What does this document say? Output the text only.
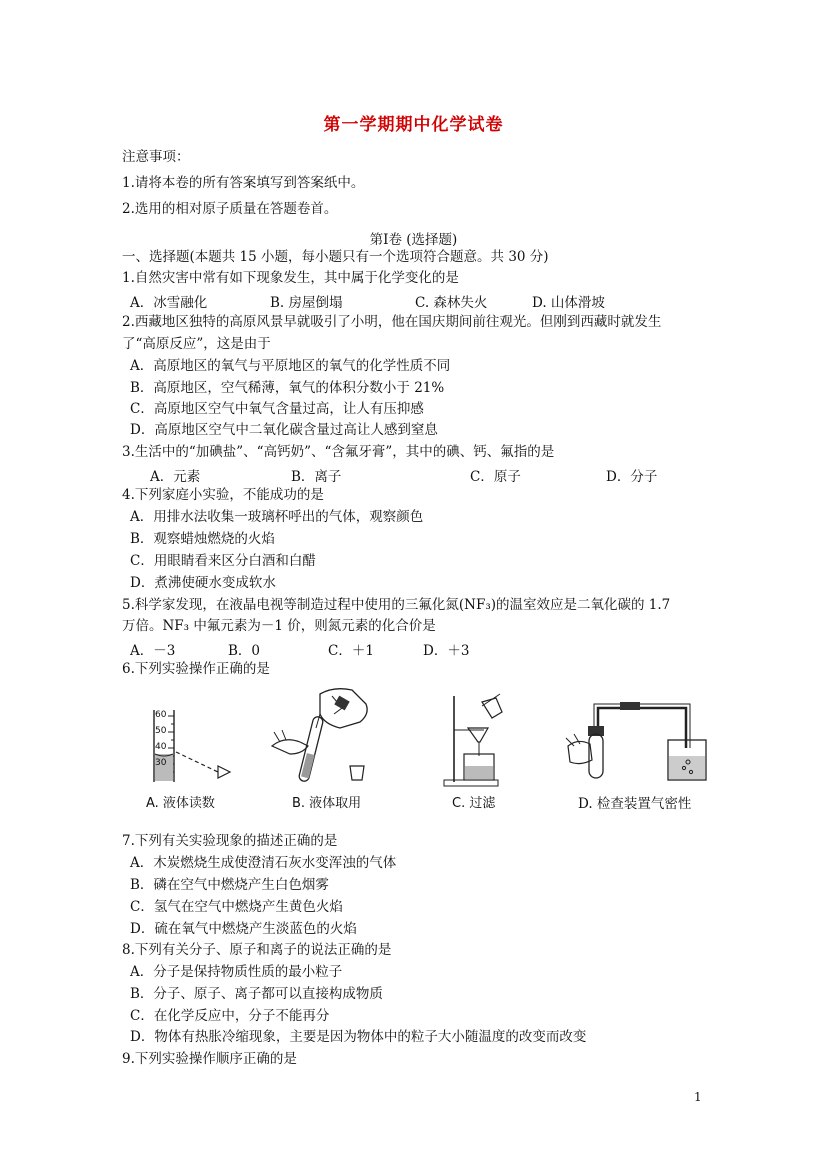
第一学期期中化学试卷
注意事项：
1.请将本卷的所有答案填写到答案纸中。
2.选用的相对原子质量在答题卷首。
第Ⅰ卷 (选择题)
一、选择题(本题共 15 小题，每小题只有一个选项符合题意。共 30 分)
1.自然灾害中常有如下现象发生，其中属于化学变化的是
A．冰雪融化	B. 房屋倒塌	C. 森林失火	D. 山体滑坡
2.西藏地区独特的高原风景早就吸引了小明，他在国庆期间前往观光。但刚到西藏时就发生
了“高原反应”，这是由于
A．高原地区的氧气与平原地区的氧气的化学性质不同
B．高原地区，空气稀薄，氧气的体积分数小于 21%
C．高原地区空气中氧气含量过高，让人有压抑感
D．高原地区空气中二氧化碳含量过高让人感到窒息
3.生活中的“加碘盐”、“高钙奶”、“含氟牙膏”，其中的碘、钙、氟指的是
A．元素	B．离子	C．原子	D．分子
4.下列家庭小实验，不能成功的是
A．用排水法收集一玻璃杯呼出的气体，观察颜色
B．观察蜡烛燃烧的火焰
C．用眼睛看来区分白酒和白醋
D．煮沸使硬水变成软水
5.科学家发现，在液晶电视等制造过程中使用的三氟化氮(NF₃)的温室效应是二氧化碳的 1.7
万倍。NF₃ 中氟元素为－1 价，则氮元素的化合价是
A．－3	B．0	C．＋1	D．＋3
6.下列实验操作正确的是
60
50
40
30
A. 液体读数	B. 液体取用	C. 过滤	D. 检查装置气密性
7.下列有关实验现象的描述正确的是
A．木炭燃烧生成使澄清石灰水变浑浊的气体
B．磷在空气中燃烧产生白色烟雾
C．氢气在空气中燃烧产生黄色火焰
D．硫在氧气中燃烧产生淡蓝色的火焰
8.下列有关分子、原子和离子的说法正确的是
A．分子是保持物质性质的最小粒子
B．分子、原子、离子都可以直接构成物质
C．在化学反应中，分子不能再分
D．物体有热胀冷缩现象，主要是因为物体中的粒子大小随温度的改变而改变
9.下列实验操作顺序正确的是
1
